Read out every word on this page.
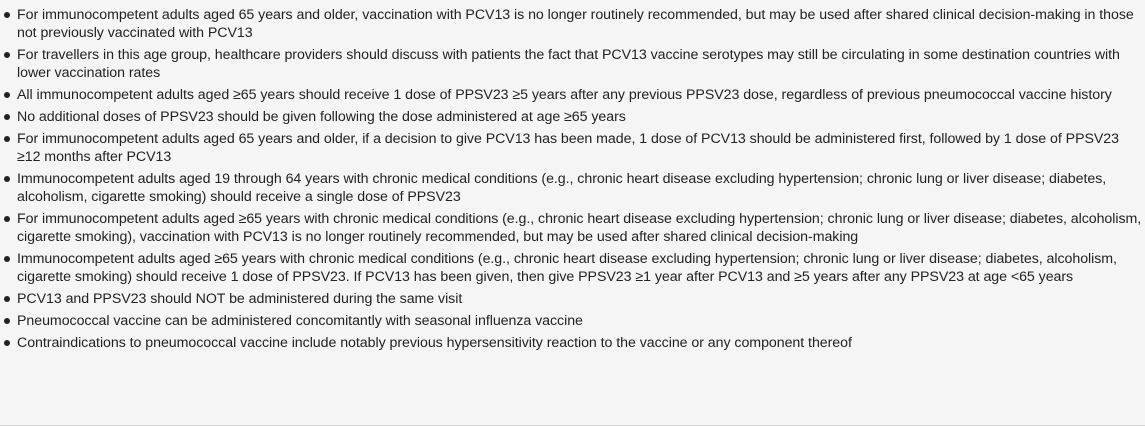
For immunocompetent adults aged 65 years and older, vaccination with PCV13 is no longer routinely recommended, but may be used after shared clinical decision-making in those not previously vaccinated with PCV13
For travellers in this age group, healthcare providers should discuss with patients the fact that PCV13 vaccine serotypes may still be circulating in some destination countries with lower vaccination rates
All immunocompetent adults aged ≥65 years should receive 1 dose of PPSV23 ≥5 years after any previous PPSV23 dose, regardless of previous pneumococcal vaccine history
No additional doses of PPSV23 should be given following the dose administered at age ≥65 years
For immunocompetent adults aged 65 years and older, if a decision to give PCV13 has been made, 1 dose of PCV13 should be administered first, followed by 1 dose of PPSV23 ≥12 months after PCV13
Immunocompetent adults aged 19 through 64 years with chronic medical conditions (e.g., chronic heart disease excluding hypertension; chronic lung or liver disease; diabetes, alcoholism, cigarette smoking) should receive a single dose of PPSV23
For immunocompetent adults aged ≥65 years with chronic medical conditions (e.g., chronic heart disease excluding hypertension; chronic lung or liver disease; diabetes, alcoholism, cigarette smoking), vaccination with PCV13 is no longer routinely recommended, but may be used after shared clinical decision-making
Immunocompetent adults aged ≥65 years with chronic medical conditions (e.g., chronic heart disease excluding hypertension; chronic lung or liver disease; diabetes, alcoholism, cigarette smoking) should receive 1 dose of PPSV23. If PCV13 has been given, then give PPSV23 ≥1 year after PCV13 and ≥5 years after any PPSV23 at age <65 years
PCV13 and PPSV23 should NOT be administered during the same visit
Pneumococcal vaccine can be administered concomitantly with seasonal influenza vaccine
Contraindications to pneumococcal vaccine include notably previous hypersensitivity reaction to the vaccine or any component thereof
